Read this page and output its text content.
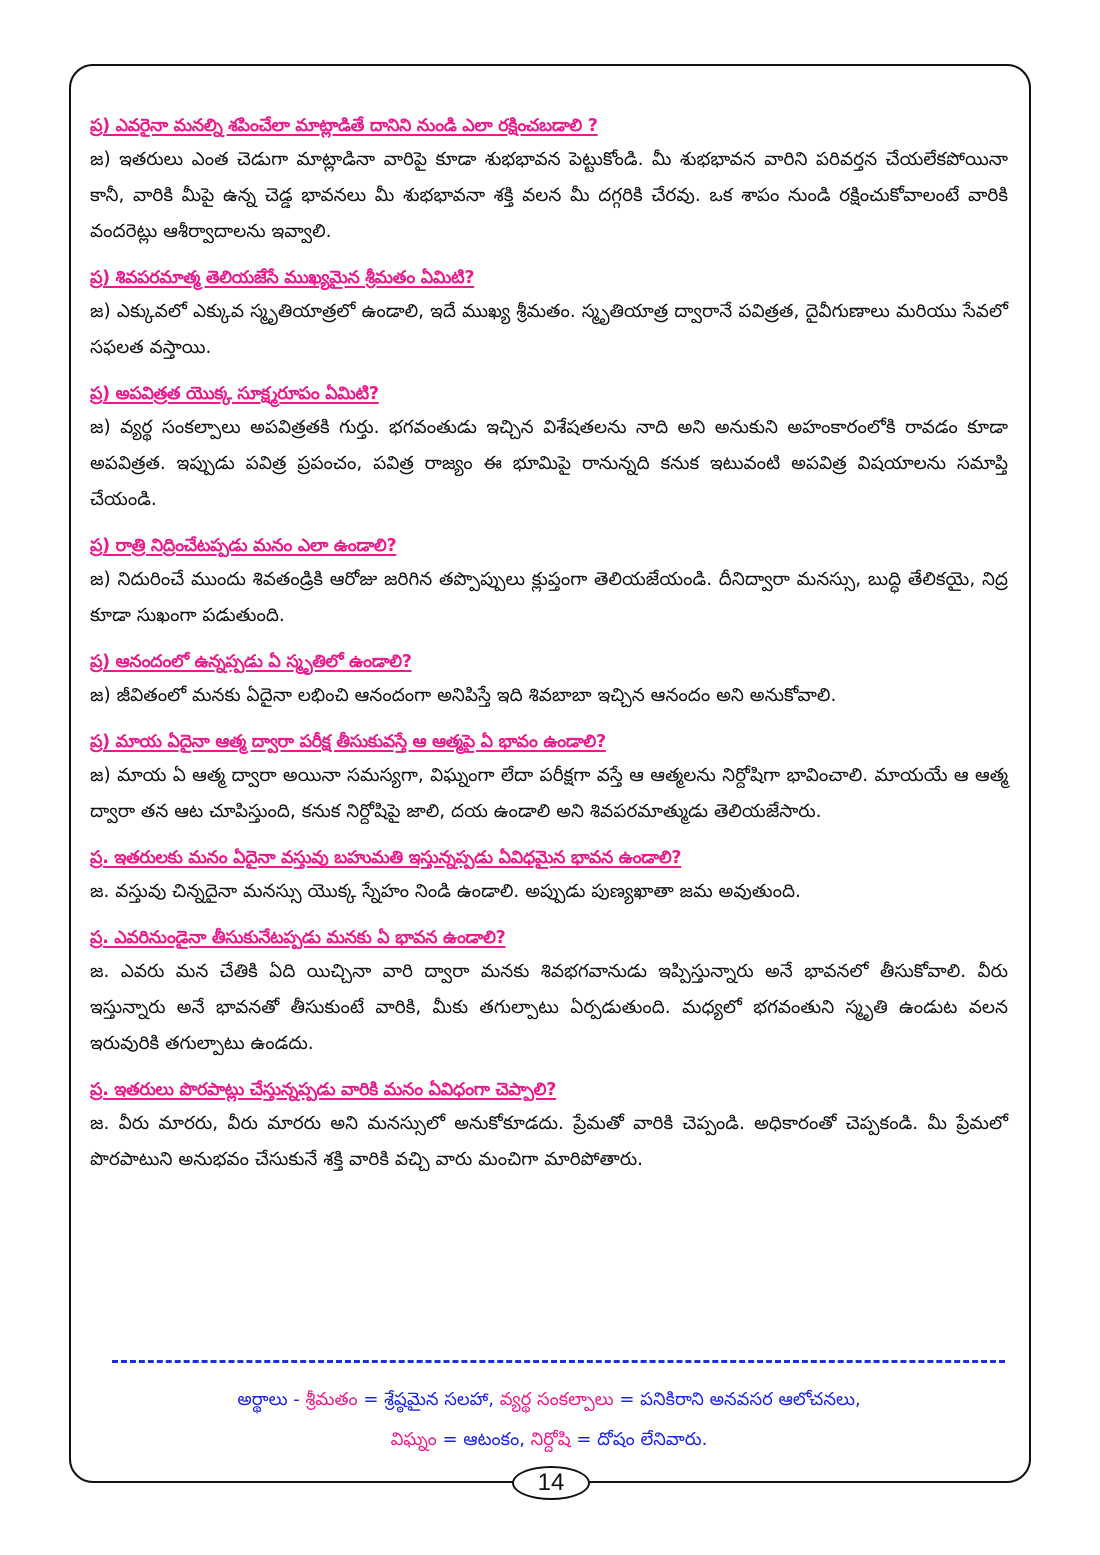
ప్ర) ఎవరైనా మనల్ని శపించేలా మాట్లాడితే దానిని నుండి ఎలా రక్షించబడాలి ?
జ) ఇతరులు ఎంత చెడుగా మాట్లాడినా వారిపై కూడా శుభభావన పెట్టుకోండి. మీ శుభభావన వారిని పరివర్తన చేయలేకపోయినా కానీ, వారికి మీపై ఉన్న చెడ్డ భావనలు మీ శుభభావనా శక్తి వలన మీ దగ్గరికి చేరవు. ఒక శాపం నుండి రక్షించుకోవాలంటే వారికి వందరెట్లు ఆశీర్వాదాలను ఇవ్వాలి.
ప్ర) శివపరమాత్మ తెలియజేసే ముఖ్యమైన శ్రీమతం ఏమిటి?
జ) ఎక్కువలో ఎక్కువ స్మృతియాత్రలో ఉండాలి, ఇదే ముఖ్య శ్రీమతం. స్మృతియాత్ర ద్వారానే పవిత్రత, దైవీగుణాలు మరియు సేవలో సఫలత వస్తాయి.
ప్ర) అపవిత్రత యొక్క సూక్ష్మరూపం ఏమిటి?
జ) వ్యర్థ సంకల్పాలు అపవిత్రతకి గుర్తు. భగవంతుడు ఇచ్చిన విశేషతలను నాది అని అనుకుని అహంకారంలోకి రావడం కూడా అపవిత్రత. ఇప్పుడు పవిత్ర ప్రపంచం, పవిత్ర రాజ్యం ఈ భూమిపై రానున్నది కనుక ఇటువంటి అపవిత్ర విషయాలను సమాప్తి చేయండి.
ప్ర) రాత్రి నిద్రించేటప్పడు మనం ఎలా ఉండాలి?
జ) నిదురించే ముందు శివతండ్రికి ఆరోజు జరిగిన తప్పొప్పులు క్లుప్తంగా తెలియజేయండి. దీనిద్వారా మనస్సు, బుద్ధి తేలికయై, నిద్ర కూడా సుఖంగా పడుతుంది.
ప్ర) ఆనందంలో ఉన్నప్పడు ఏ స్మృతిలో ఉండాలి?
జ) జీవితంలో మనకు ఏదైనా లభించి ఆనందంగా అనిపిస్తే ఇది శివబాబా ఇచ్చిన ఆనందం అని అనుకోవాలి.
ప్ర) మాయ ఏదైనా ఆత్మ ద్వారా పరీక్ష తీసుకువస్తే ఆ ఆత్మపై ఏ భావం ఉండాలి?
జ) మాయ ఏ ఆత్మ ద్వారా అయినా సమస్యగా, విఘ్నంగా లేదా పరీక్షగా వస్తే ఆ ఆత్మలను నిర్దోషిగా భావించాలి. మాయయే ఆ ఆత్మ ద్వారా తన ఆట చూపిస్తుంది, కనుక నిర్దోషిపై జాలి, దయ ఉండాలి అని శివపరమాత్ముడు తెలియజేసారు.
ప్ర. ఇతరులకు మనం ఏదైనా వస్తువు బహుమతి ఇస్తున్నప్పడు ఏవిధమైన భావన ఉండాలి?
జ. వస్తువు చిన్నదైనా మనస్సు యొక్క స్నేహం నిండి ఉండాలి. అప్పుడు పుణ్యఖాతా జమ అవుతుంది.
ప్ర. ఎవరినుండైనా తీసుకునేటప్పడు మనకు ఏ భావన ఉండాలి?
జ. ఎవరు మన చేతికి ఏది యిచ్చినా వారి ద్వారా మనకు శివభగవానుడు ఇప్పిస్తున్నారు అనే భావనలో తీసుకోవాలి. వీరు ఇస్తున్నారు అనే భావనతో తీసుకుంటే వారికి, మీకు తగుల్పాటు ఏర్పడుతుంది. మధ్యలో భగవంతుని స్మృతి ఉండుట వలన ఇరువురికి తగుల్పాటు ఉండదు.
ప్ర. ఇతరులు పొరపాట్లు చేస్తున్నప్పడు వారికి మనం ఏవిధంగా చెప్పాలి?
జ. వీరు మారరు, వీరు మారరు అని మనస్సులో అనుకోకూడదు. ప్రేమతో వారికి చెప్పండి. అధికారంతో చెప్పకండి. మీ ప్రేమలో పొరపాటుని అనుభవం చేసుకునే శక్తి వారికి వచ్చి వారు మంచిగా మారిపోతారు.
అర్థాలు - శ్రీమతం = శ్రేష్ఠమైన సలహా, వ్యర్థ సంకల్పాలు = పనికిరాని అనవసర ఆలోచనలు,
విఘ్నం = ఆటంకం, నిర్దోషి = దోషం లేనివారు.
14
